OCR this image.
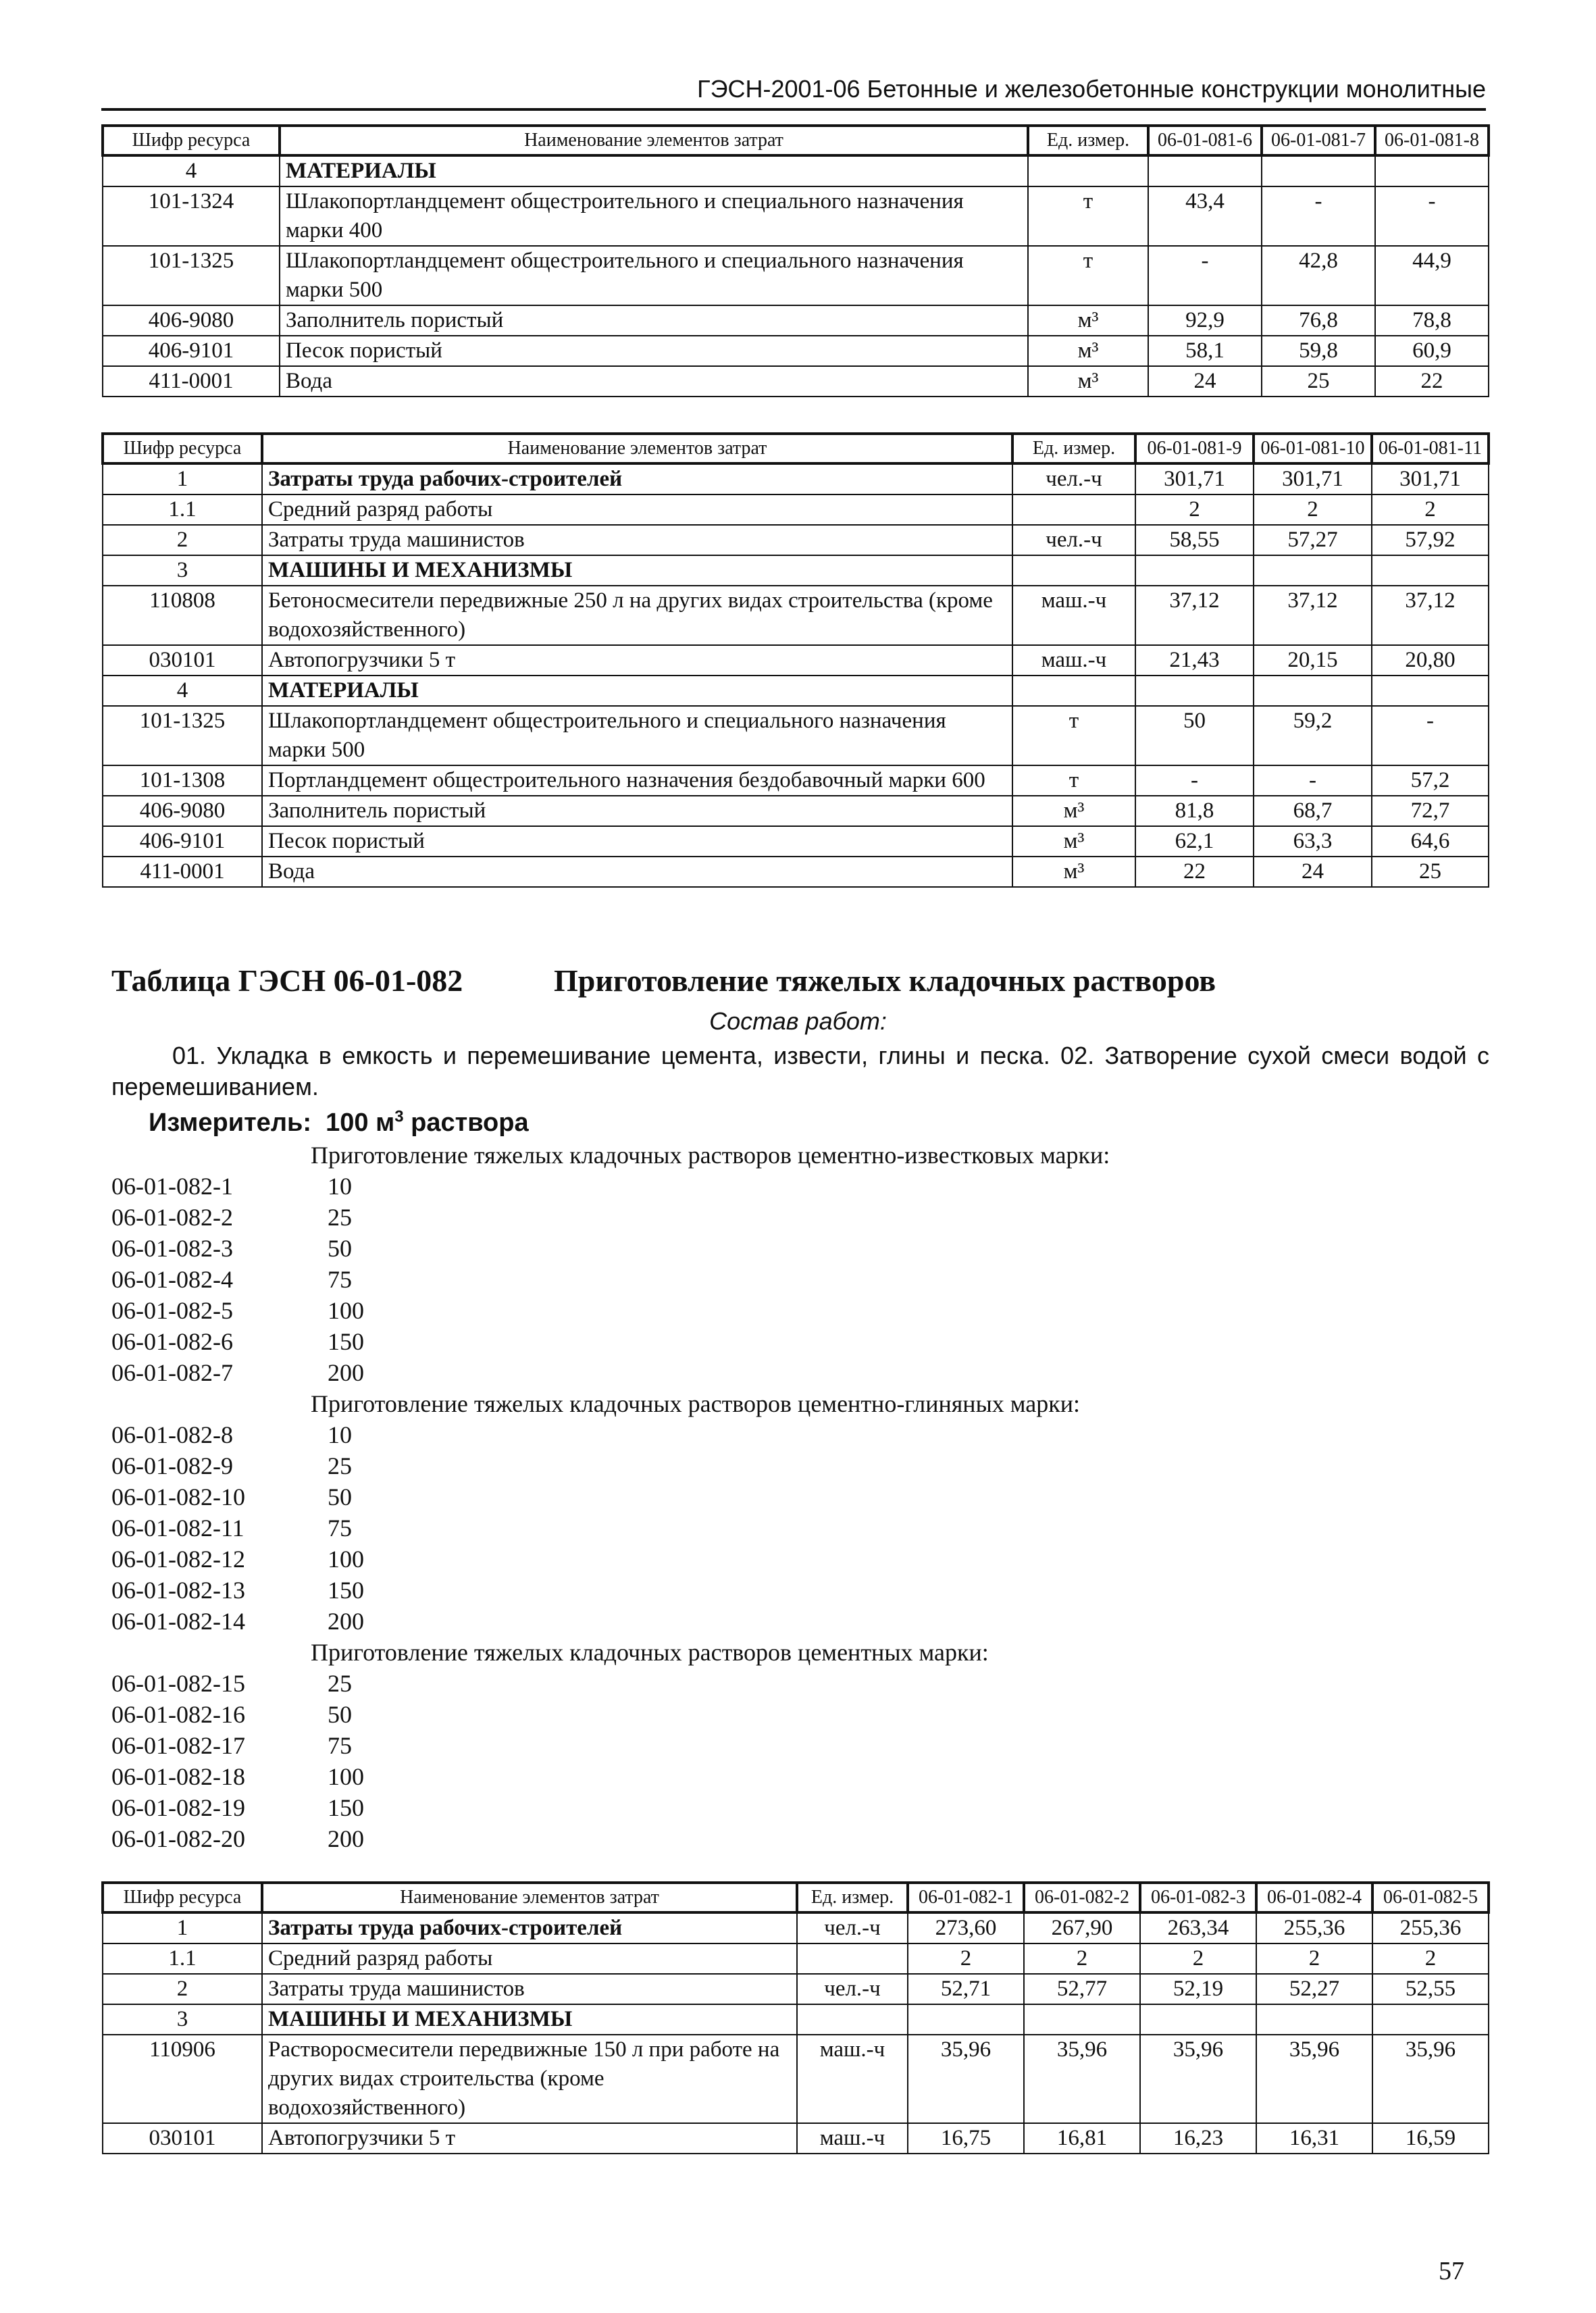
ГЭСН-2001-06 Бетонные и железобетонные конструкции монолитные
Шифр ресурса	Наименование элементов затрат	Ед. измер.	06-01-081-6	06-01-081-7	06-01-081-8
4	МАТЕРИАЛЫ				
101-1324	Шлакопортландцемент общестроительного и специального назначения марки 400	т	43,4	-	-
101-1325	Шлакопортландцемент общестроительного и специального назначения марки 500	т	-	42,8	44,9
406-9080	Заполнитель пористый	м³	92,9	76,8	78,8
406-9101	Песок пористый	м³	58,1	59,8	60,9
411-0001	Вода	м³	24	25	22
Шифр ресурса	Наименование элементов затрат	Ед. измер.	06-01-081-9	06-01-081-10	06-01-081-11
1	Затраты труда рабочих-строителей	чел.-ч	301,71	301,71	301,71
1.1	Средний разряд работы		2	2	2
2	Затраты труда машинистов	чел.-ч	58,55	57,27	57,92
3	МАШИНЫ И МЕХАНИЗМЫ				
110808	Бетоносмесители передвижные 250 л на других видах строительства (кроме водохозяйственного)	маш.-ч	37,12	37,12	37,12
030101	Автопогрузчики 5 т	маш.-ч	21,43	20,15	20,80
4	МАТЕРИАЛЫ				
101-1325	Шлакопортландцемент общестроительного и специального назначения марки 500	т	50	59,2	-
101-1308	Портландцемент общестроительного назначения бездобавочный марки 600	т	-	-	57,2
406-9080	Заполнитель пористый	м³	81,8	68,7	72,7
406-9101	Песок пористый	м³	62,1	63,3	64,6
411-0001	Вода	м³	22	24	25
Таблица ГЭСН 06-01-082	Приготовление тяжелых кладочных растворов
Состав работ:
01. Укладка в емкость и перемешивание цемента, извести, глины и песка. 02. Затворение сухой смеси водой с перемешиванием.
Измеритель: 100 $м^3$ раствора
Приготовление тяжелых кладочных растворов цементно-известковых марки:
06-01-082-1	10
06-01-082-2	25
06-01-082-3	50
06-01-082-4	75
06-01-082-5	100
06-01-082-6	150
06-01-082-7	200
Приготовление тяжелых кладочных растворов цементно-глиняных марки:
06-01-082-8	10
06-01-082-9	25
06-01-082-10	50
06-01-082-11	75
06-01-082-12	100
06-01-082-13	150
06-01-082-14	200
Приготовление тяжелых кладочных растворов цементных марки:
06-01-082-15	25
06-01-082-16	50
06-01-082-17	75
06-01-082-18	100
06-01-082-19	150
06-01-082-20	200
Шифр ресурса	Наименование элементов затрат	Ед. измер.	06-01-082-1	06-01-082-2	06-01-082-3	06-01-082-4	06-01-082-5
1	Затраты труда рабочих-строителей	чел.-ч	273,60	267,90	263,34	255,36	255,36
1.1	Средний разряд работы		2	2	2	2	2
2	Затраты труда машинистов	чел.-ч	52,71	52,77	52,19	52,27	52,55
3	МАШИНЫ И МЕХАНИЗМЫ						
110906	Растворосмесители передвижные 150 л при работе на других видах строительства (кроме водохозяйственного)	маш.-ч	35,96	35,96	35,96	35,96	35,96
030101	Автопогрузчики 5 т	маш.-ч	16,75	16,81	16,23	16,31	16,59
57
